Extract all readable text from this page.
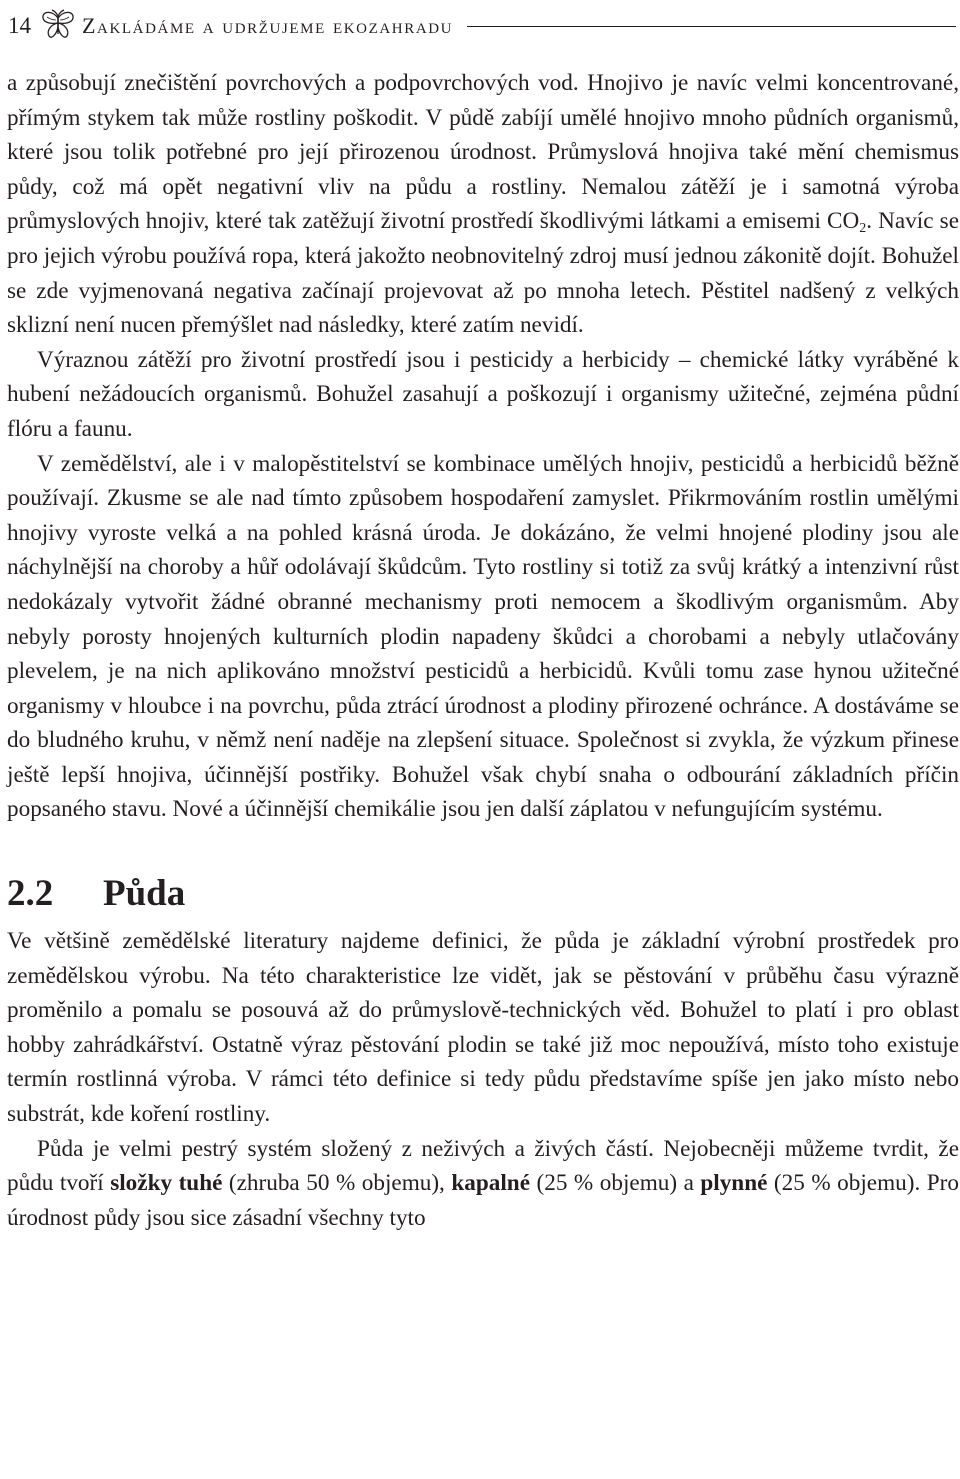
14	Zakládáme a udržujeme ekozahradu

a způsobují znečištění povrchových a podpovrchových vod. Hnojivo je navíc velmi koncentrované, přímým stykem tak může rostliny poškodit. V půdě zabíjí umělé hnojivo mnoho půdních organismů, které jsou tolik potřebné pro její přirozenou úrodnost. Průmyslová hnojiva také mění chemismus půdy, což má opět negativní vliv na půdu a rostliny. Nemalou zátěží je i samotná výroba průmyslových hnojiv, které tak zatěžují životní prostředí škodlivými látkami a emisemi $CO_2$. Navíc se pro jejich výrobu používá ropa, která jakožto neobnovitelný zdroj musí jednou zákonitě dojít. Bohužel se zde vyjmenovaná negativa začínají projevovat až po mnoha letech. Pěstitel nadšený z velkých sklizní není nucen přemýšlet nad následky, které zatím nevidí.

Výraznou zátěží pro životní prostředí jsou i pesticidy a herbicidy – chemické látky vyráběné k hubení nežádoucích organismů. Bohužel zasahují a poškozují i organismy užitečné, zejména půdní flóru a faunu.

V zemědělství, ale i v malopěstitelství se kombinace umělých hnojiv, pesticidů a herbicidů běžně používají. Zkusme se ale nad tímto způsobem hospodaření zamyslet. Přikrmováním rostlin umělými hnojivy vyroste velká a na pohled krásná úroda. Je dokázáno, že velmi hnojené plodiny jsou ale náchylnější na choroby a hůř odolávají škůdcům. Tyto rostliny si totiž za svůj krátký a intenzivní růst nedokázaly vytvořit žádné obranné mechanismy proti nemocem a škodlivým organismům. Aby nebyly porosty hnojených kulturních plodin napadeny škůdci a chorobami a nebyly utlačovány plevelem, je na nich aplikováno množství pesticidů a herbicidů. Kvůli tomu zase hynou užitečné organismy v hloubce i na povrchu, půda ztrácí úrodnost a plodiny přirozené ochránce. A dostáváme se do bludného kruhu, v němž není naděje na zlepšení situace. Společnost si zvykla, že výzkum přinese ještě lepší hnojiva, účinnější postřiky. Bohužel však chybí snaha o odbourání základních příčin popsaného stavu. Nové a účinnější chemikálie jsou jen další záplatou v nefungujícím systému.

2.2	Půda

Ve většině zemědělské literatury najdeme definici, že půda je základní výrobní prostředek pro zemědělskou výrobu. Na této charakteristice lze vidět, jak se pěstování v průběhu času výrazně proměnilo a pomalu se posouvá až do průmyslově-technických věd. Bohužel to platí i pro oblast hobby zahrádkářství. Ostatně výraz pěstování plodin se také již moc nepoužívá, místo toho existuje termín rostlinná výroba. V rámci této definice si tedy půdu představíme spíše jen jako místo nebo substrát, kde koření rostliny.

Půda je velmi pestrý systém složený z neživých a živých částí. Nejobecněji můžeme tvrdit, že půdu tvoří složky tuhé (zhruba 50 % objemu), kapalné (25 % objemu) a plynné (25 % objemu). Pro úrodnost půdy jsou sice zásadní všechny tyto
